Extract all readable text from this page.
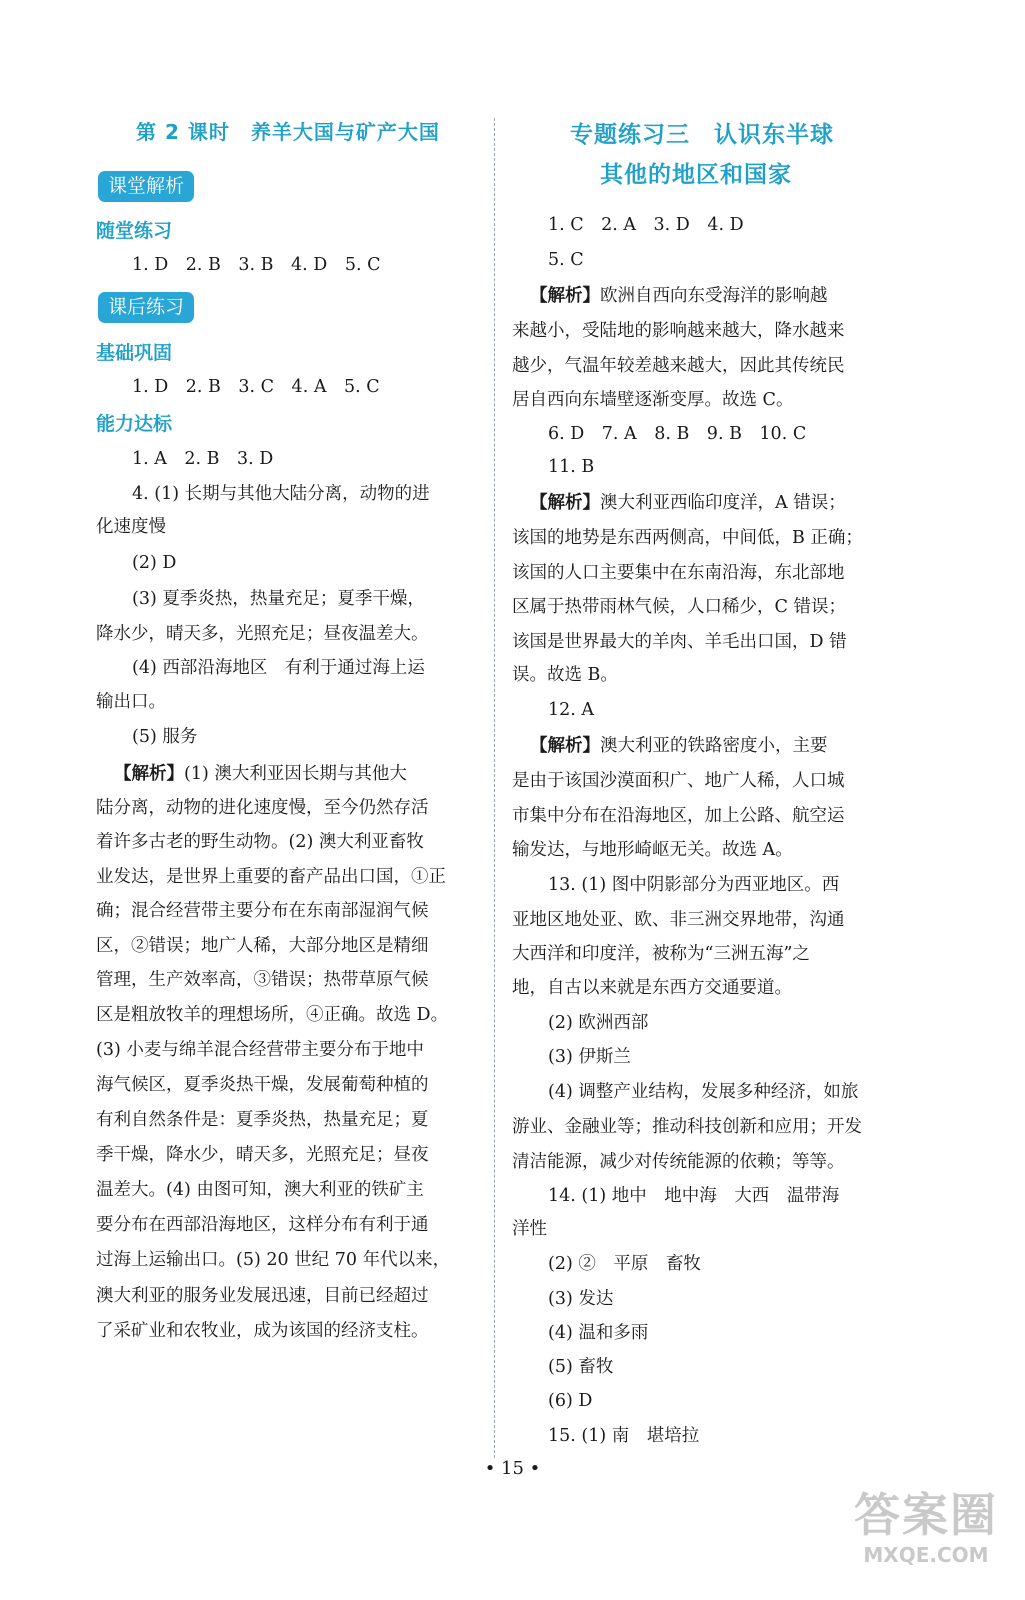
第 2 课时　养羊大国与矿产大国
课堂解析
随堂练习
1. D　2. B　3. B　4. D　5. C
课后练习
基础巩固
1. D　2. B　3. C　4. A　5. C
能力达标
1. A　2. B　3. D
4. (1) 长期与其他大陆分离，动物的进
化速度慢
(2) D
(3) 夏季炎热，热量充足；夏季干燥，
降水少，晴天多，光照充足；昼夜温差大。
(4) 西部沿海地区　有利于通过海上运
输出口。
(5) 服务
【解析】(1) 澳大利亚因长期与其他大
陆分离，动物的进化速度慢，至今仍然存活
着许多古老的野生动物。(2) 澳大利亚畜牧
业发达，是世界上重要的畜产品出口国，①正
确；混合经营带主要分布在东南部湿润气候
区，②错误；地广人稀，大部分地区是精细
管理，生产效率高，③错误；热带草原气候
区是粗放牧羊的理想场所，④正确。故选 D。
(3) 小麦与绵羊混合经营带主要分布于地中
海气候区，夏季炎热干燥，发展葡萄种植的
有利自然条件是：夏季炎热，热量充足；夏
季干燥，降水少，晴天多，光照充足；昼夜
温差大。(4) 由图可知，澳大利亚的铁矿主
要分布在西部沿海地区，这样分布有利于通
过海上运输出口。(5) 20 世纪 70 年代以来，
澳大利亚的服务业发展迅速，目前已经超过
了采矿业和农牧业，成为该国的经济支柱。
专题练习三　认识东半球
其他的地区和国家
1. C　2. A　3. D　4. D
5. C
【解析】欧洲自西向东受海洋的影响越
来越小，受陆地的影响越来越大，降水越来
越少，气温年较差越来越大，因此其传统民
居自西向东墙壁逐渐变厚。故选 C。
6. D　7. A　8. B　9. B　10. C
11. B
【解析】澳大利亚西临印度洋，A 错误；
该国的地势是东西两侧高，中间低，B 正确；
该国的人口主要集中在东南沿海，东北部地
区属于热带雨林气候，人口稀少，C 错误；
该国是世界最大的羊肉、羊毛出口国，D 错
误。故选 B。
12. A
【解析】澳大利亚的铁路密度小，主要
是由于该国沙漠面积广、地广人稀，人口城
市集中分布在沿海地区，加上公路、航空运
输发达，与地形崎岖无关。故选 A。
13. (1) 图中阴影部分为西亚地区。西
亚地区地处亚、欧、非三洲交界地带，沟通
大西洋和印度洋，被称为“三洲五海”之
地，自古以来就是东西方交通要道。
(2) 欧洲西部
(3) 伊斯兰
(4) 调整产业结构，发展多种经济，如旅
游业、金融业等；推动科技创新和应用；开发
清洁能源，减少对传统能源的依赖；等等。
14. (1) 地中　地中海　大西　温带海
洋性
(2) ②　平原　畜牧
(3) 发达
(4) 温和多雨
(5) 畜牧
(6) D
15. (1) 南　堪培拉
• 15 •
答案圈
MXQE.COM
